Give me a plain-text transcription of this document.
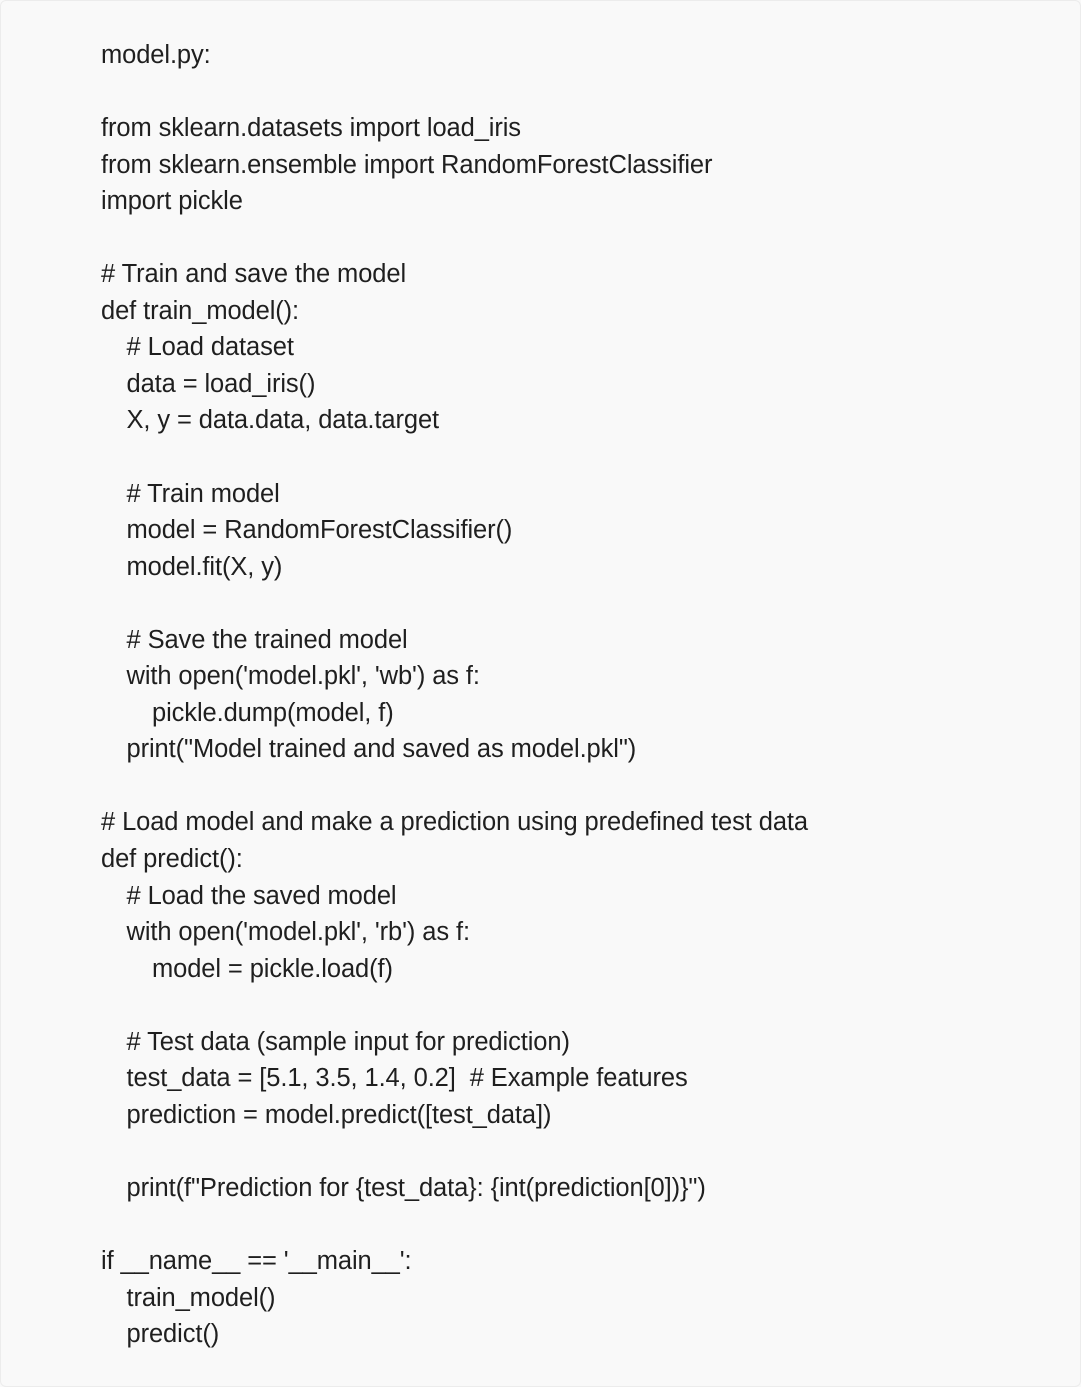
model.py:
from sklearn.datasets import load_iris
from sklearn.ensemble import RandomForestClassifier
import pickle
# Train and save the model
def train_model():
# Load dataset
data = load_iris()
X, y = data.data, data.target
# Train model
model = RandomForestClassifier()
model.fit(X, y)
# Save the trained model
with open('model.pkl', 'wb') as f:
pickle.dump(model, f)
print("Model trained and saved as model.pkl")
# Load model and make a prediction using predefined test data
def predict():
# Load the saved model
with open('model.pkl', 'rb') as f:
model = pickle.load(f)
# Test data (sample input for prediction)
test_data = [5.1, 3.5, 1.4, 0.2]  # Example features
prediction = model.predict([test_data])
print(f"Prediction for {test_data}: {int(prediction[0])}")
if __name__ == '__main__':
train_model()
predict()
